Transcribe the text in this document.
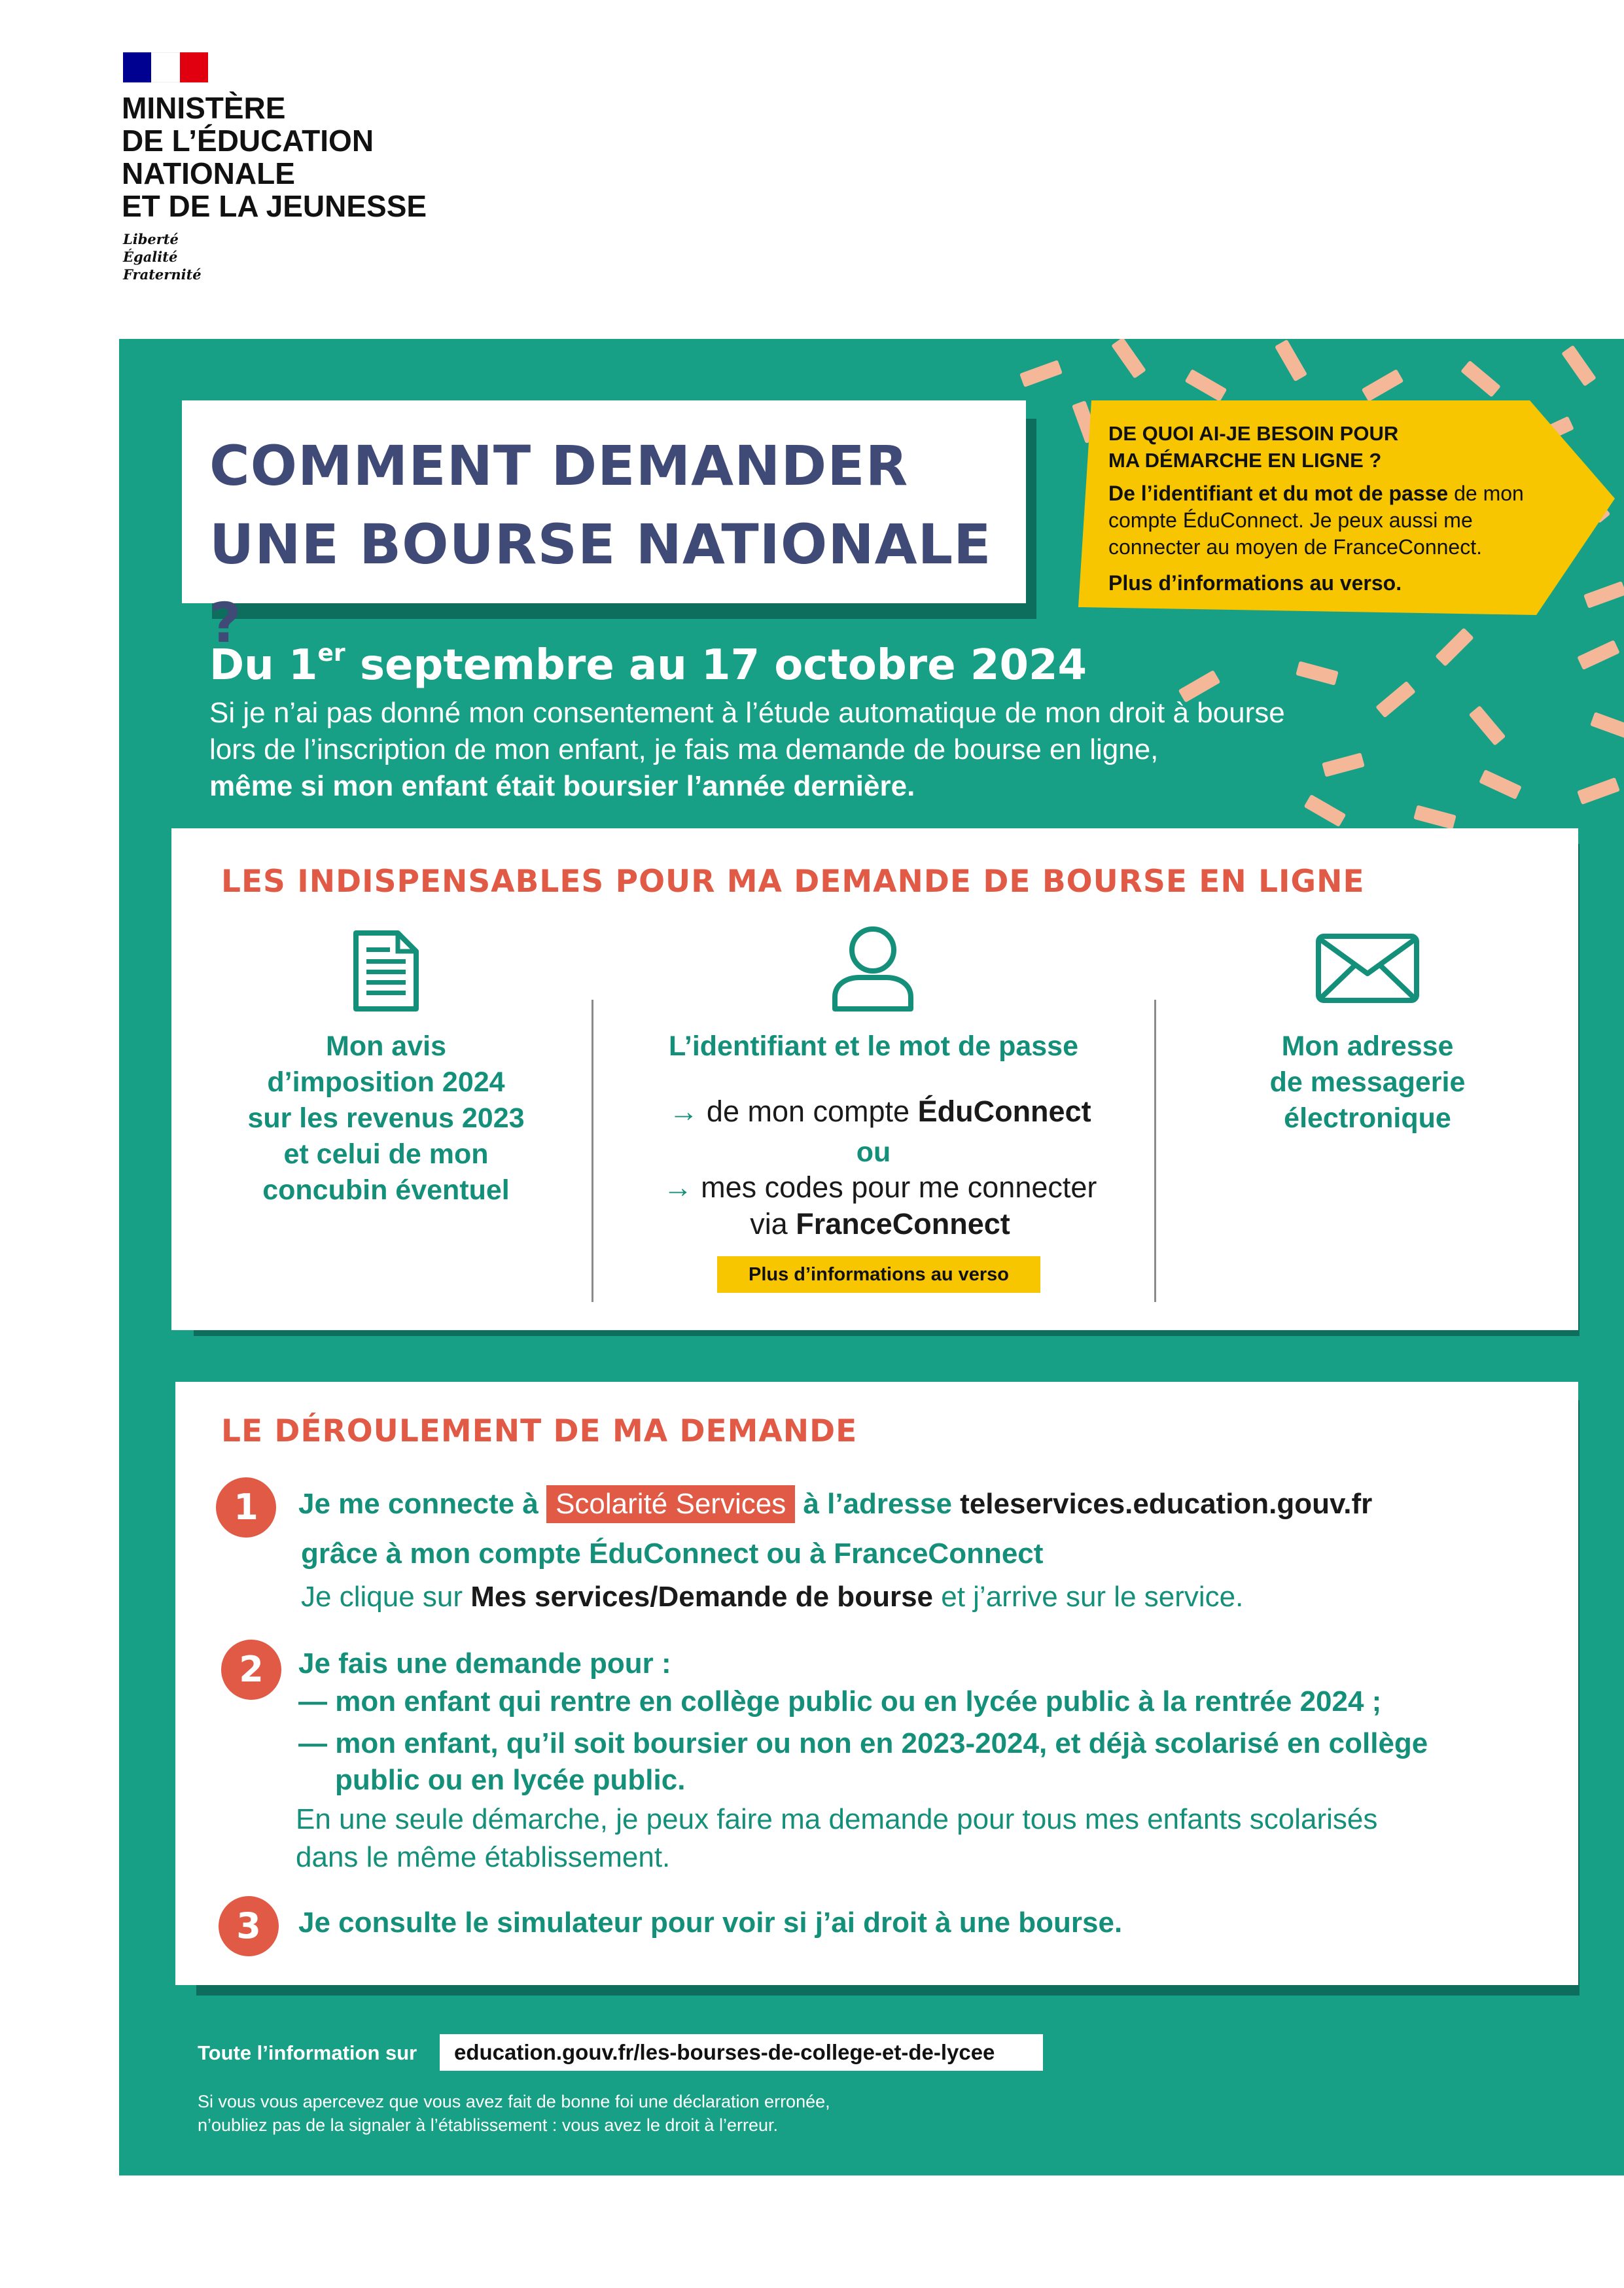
MINISTÈRE
DE L’ÉDUCATION
NATIONALE
ET DE LA JEUNESSE
Liberté
Égalité
Fraternité
COMMENT DEMANDER
UNE BOURSE NATIONALE ?

DE QUOI AI-JE BESOIN POUR

MA DÉMARCHE EN LIGNE ?

De l’identifiant et du mot de passe de mon

compte ÉduConnect. Je peux aussi me

connecter au moyen de FranceConnect.

Plus d’informations au verso.

Du 1er septembre au 17 octobre 2024
Si je n’ai pas donné mon consentement à l’étude automatique de mon droit à bourse
lors de l’inscription de mon enfant, je fais ma demande de bourse en ligne,
même si mon enfant était boursier l’année dernière.
LES INDISPENSABLES POUR MA DEMANDE DE BOURSE EN LIGNE
Mon avis
d’imposition 2024
sur les revenus 2023
et celui de mon
concubin éventuel
L’identifiant et le mot de passe
→ de mon compte ÉduConnect
ou
→ mes codes pour me connecter
via FranceConnect
Plus d’informations au verso
Mon adresse
de messagerie
électronique
LE DÉROULEMENT DE MA DEMANDE
1	Je me connecte à Scolarité Services à l’adresse teleservices.education.gouv.fr
grâce à mon compte ÉduConnect ou à FranceConnect
Je clique sur Mes services/Demande de bourse et j’arrive sur le service.
2	Je fais une demande pour :
— mon enfant qui rentre en collège public ou en lycée public à la rentrée 2024 ;
— mon enfant, qu’il soit boursier ou non en 2023-2024, et déjà scolarisé en collège
public ou en lycée public.
En une seule démarche, je peux faire ma demande pour tous mes enfants scolarisés
dans le même établissement.
3	Je consulte le simulateur pour voir si j’ai droit à une bourse.
Toute l’information sur	education.gouv.fr/les-bourses-de-college-et-de-lycee
Si vous vous apercevez que vous avez fait de bonne foi une déclaration erronée,
n’oubliez pas de la signaler à l’établissement : vous avez le droit à l’erreur.
